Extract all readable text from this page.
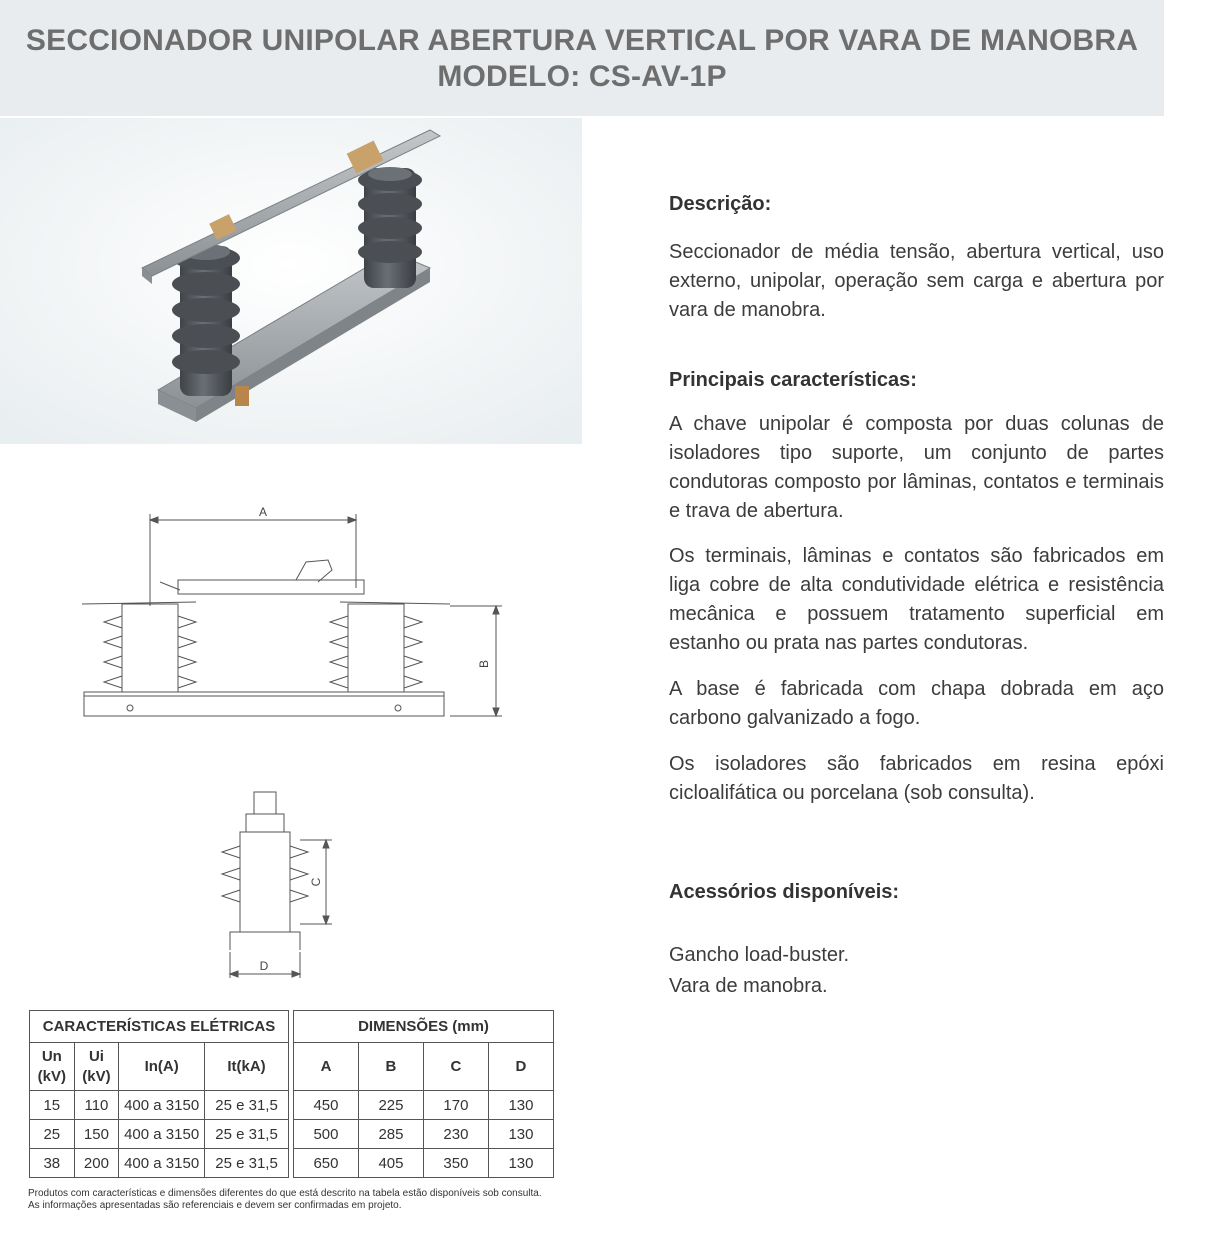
SECCIONADOR UNIPOLAR ABERTURA VERTICAL POR VARA DE MANOBRA
MODELO: CS-AV-1P
A
B
C
D
Descrição:

Seccionador de média tensão, abertura vertical, uso externo, unipolar, operação sem carga e abertura por vara de manobra.

Principais características:

A chave unipolar é composta por duas colunas de isoladores tipo suporte, um conjunto de partes condutoras composto por lâminas, contatos e terminais e trava de abertura.

Os terminais, lâminas e contatos são fabricados em liga cobre de alta condutividade elétrica e resistência mecânica e possuem tratamento superficial em estanho ou prata nas partes condutoras.

A base é fabricada com chapa dobrada em aço carbono galvanizado a fogo.

Os isoladores são fabricados em resina epóxi cicloalifática ou porcelana (sob consulta).

Acessórios disponíveis:
Gancho load-buster.
Vara de manobra.
CARACTERÍSTICAS ELÉTRICAS			
Un
(kV)	Ui
(kV)	In(A)	It(kA)
15	110	400 a 3150	25 e 31,5
25	150	400 a 3150	25 e 31,5
38	200	400 a 3150	25 e 31,5
DIMENSÕES (mm)			
A	B	C	D
450	225	170	130
500	285	230	130
650	405	350	130
Produtos com características e dimensões diferentes do que está descrito na tabela estão disponíveis sob consulta.
As informações apresentadas são referenciais e devem ser confirmadas em projeto.
